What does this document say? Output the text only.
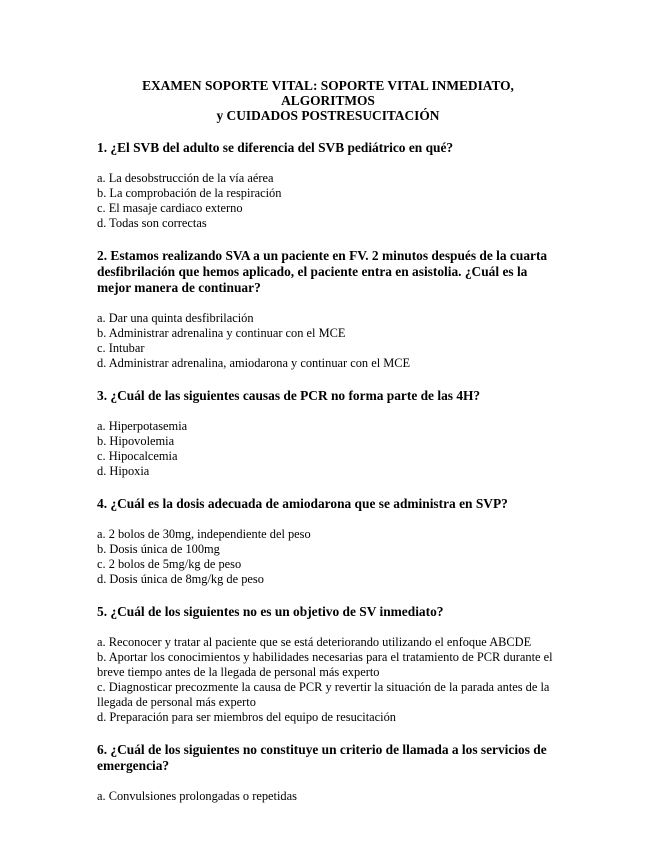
EXAMEN SOPORTE VITAL: SOPORTE VITAL INMEDIATO, ALGORITMOS
y CUIDADOS POSTRESUCITACIÓN
1. ¿El SVB del adulto se diferencia del SVB pediátrico en qué?
a. La desobstrucción de la vía aérea
b. La comprobación de la respiración
c. El masaje cardiaco externo
d. Todas son correctas
2. Estamos realizando SVA a un paciente en FV. 2 minutos después de la cuarta desfibrilación que hemos aplicado, el paciente entra en asistolia. ¿Cuál es la mejor manera de continuar?
a. Dar una quinta desfibrilación
b. Administrar adrenalina y continuar con el MCE
c. Intubar
d. Administrar adrenalina, amiodarona y continuar con el MCE
3. ¿Cuál de las siguientes causas de PCR no forma parte de las 4H?
a. Hiperpotasemia
b. Hipovolemia
c. Hipocalcemia
d. Hipoxia
4. ¿Cuál es la dosis adecuada de amiodarona que se administra en SVP?
a. 2 bolos de 30mg, independiente del peso
b. Dosis única de 100mg
c. 2 bolos de 5mg/kg de peso
d. Dosis única de 8mg/kg de peso
5. ¿Cuál de los siguientes no es un objetivo de SV inmediato?
a. Reconocer y tratar al paciente que se está deteriorando utilizando el enfoque ABCDE
b. Aportar los conocimientos y habilidades necesarias para el tratamiento de PCR durante el breve tiempo antes de la llegada de personal más experto
c. Diagnosticar precozmente la causa de PCR y revertir la situación de la parada antes de la llegada de personal más experto
d. Preparación para ser miembros del equipo de resucitación
6. ¿Cuál de los siguientes no constituye un criterio de llamada a los servicios de emergencia?
a. Convulsiones prolongadas o repetidas
